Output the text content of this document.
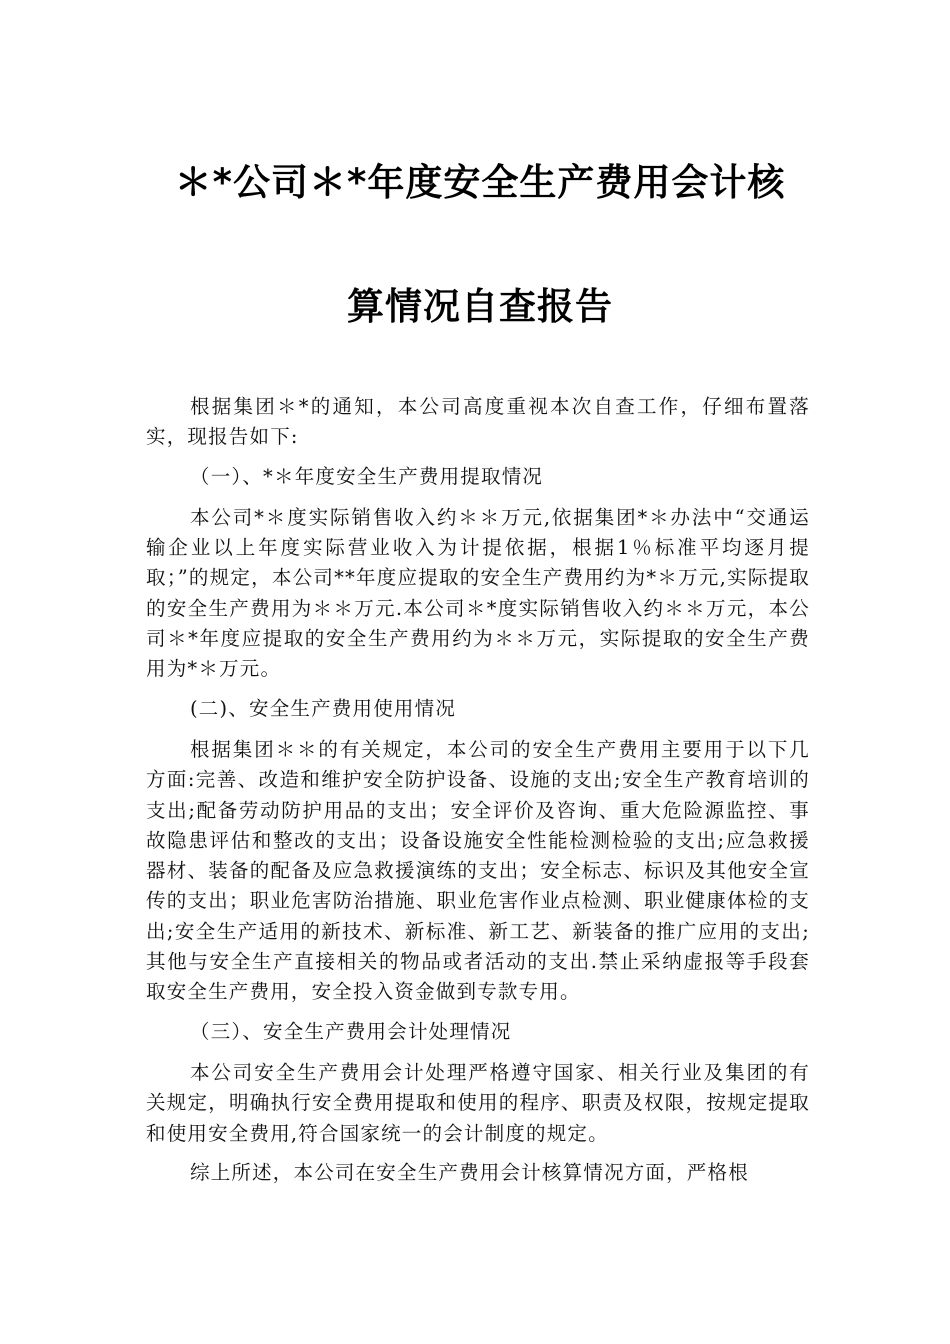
＊*公司＊*年度安全生产费用会计核
算情况自查报告

根据集团＊*的通知，本公司高度重视本次自查工作，仔细布置落实，现报告如下:

（一）、*＊年度安全生产费用提取情况

本公司*＊度实际销售收入约＊＊万元,依据集团*＊办法中“交通运输企业以上年度实际营业收入为计提依据，根据1％标准平均逐月提取；”的规定，本公司**年度应提取的安全生产费用约为*＊万元,实际提取的安全生产费用为＊＊万元.本公司＊*度实际销售收入约＊＊万元，本公司＊*年度应提取的安全生产费用约为＊＊万元，实际提取的安全生产费用为*＊万元。

(二)、安全生产费用使用情况

根据集团＊＊的有关规定，本公司的安全生产费用主要用于以下几方面:完善、改造和维护安全防护设备、设施的支出;安全生产教育培训的支出;配备劳动防护用品的支出；安全评价及咨询、重大危险源监控、事故隐患评估和整改的支出；设备设施安全性能检测检验的支出;应急救援器材、装备的配备及应急救援演练的支出；安全标志、标识及其他安全宣传的支出；职业危害防治措施、职业危害作业点检测、职业健康体检的支出;安全生产适用的新技术、新标准、新工艺、新装备的推广应用的支出;其他与安全生产直接相关的物品或者活动的支出.禁止采纳虚报等手段套取安全生产费用，安全投入资金做到专款专用。

（三）、安全生产费用会计处理情况

本公司安全生产费用会计处理严格遵守国家、相关行业及集团的有关规定，明确执行安全费用提取和使用的程序、职责及权限，按规定提取和使用安全费用,符合国家统一的会计制度的规定。

综上所述，本公司在安全生产费用会计核算情况方面，严格根
